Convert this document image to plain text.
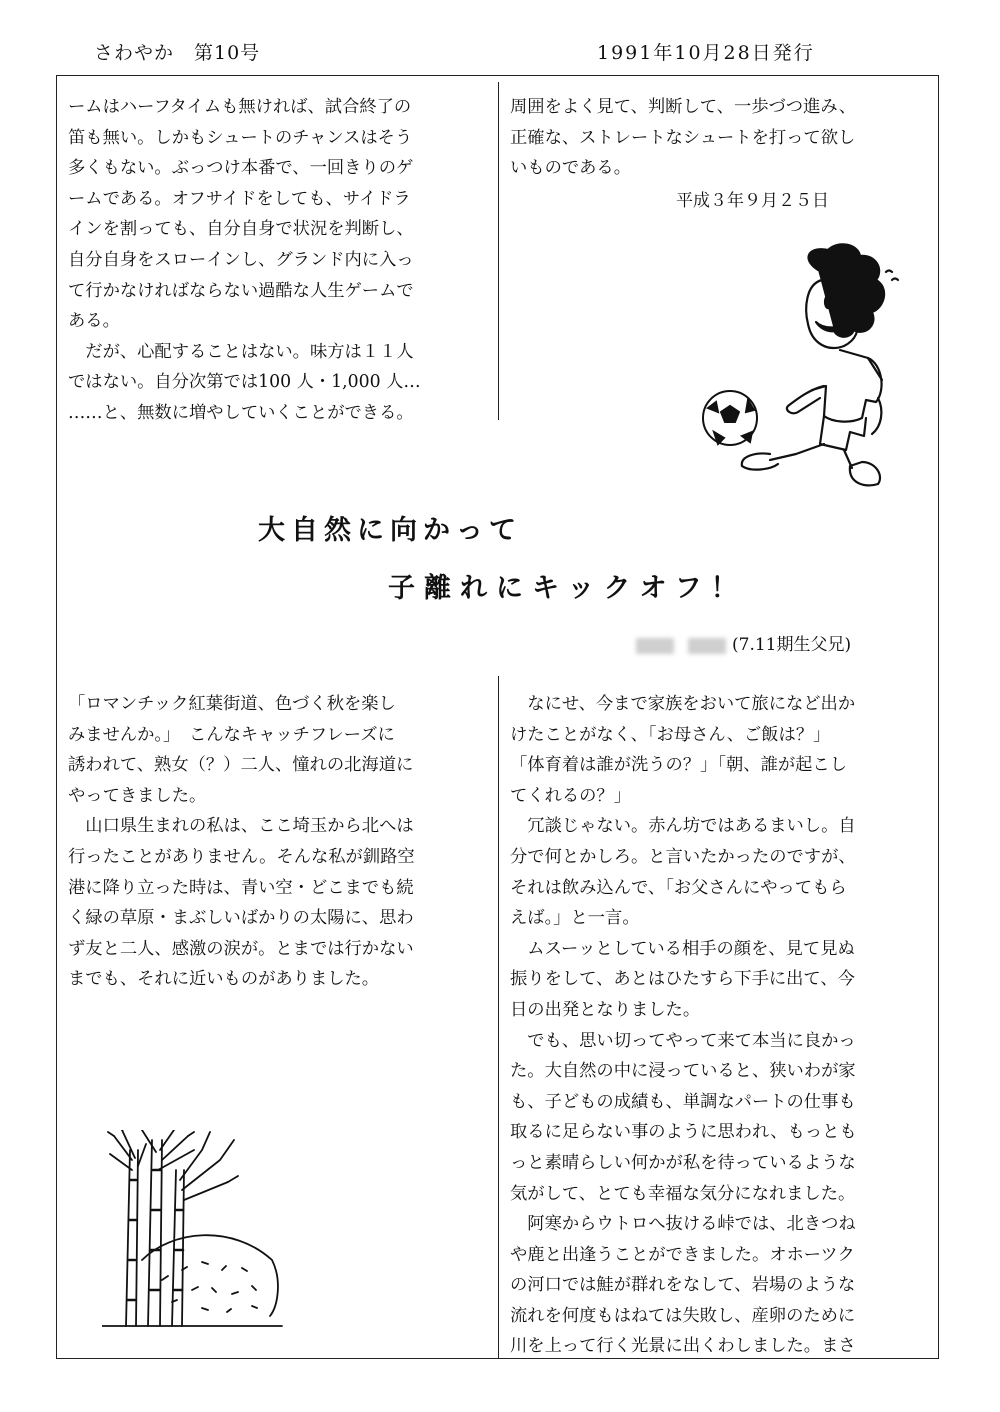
さわやか　第10号	1991年10月28日発行

ームはハーフタイムも無ければ、試合終了の

笛も無い。しかもシュートのチャンスはそう

多くもない。ぶっつけ本番で、一回きりのゲ

ームである。オフサイドをしても、サイドラ

インを割っても、自分自身で状況を判断し、

自分自身をスローインし、グランド内に入っ

て行かなければならない過酷な人生ゲームで

ある。

　だが、心配することはない。味方は１１人

ではない。自分次第では100 人・1,000 人…

……と、無数に増やしていくことができる。

周囲をよく見て、判断して、一歩づつ進み、

正確な、ストレートなシュートを打って欲し

いものである。

平成３年９月２５日
大自然に向かって
子離れにキックオフ！
(7.11期生父兄)

「ロマンチック紅葉街道、色づく秋を楽し

みませんか。」　こんなキャッチフレーズに

誘われて、熟女（？）二人、憧れの北海道に

やってきました。

　山口県生まれの私は、ここ埼玉から北へは

行ったことがありません。そんな私が釧路空

港に降り立った時は、青い空・どこまでも続

く緑の草原・まぶしいばかりの太陽に、思わ

ず友と二人、感激の涙が。とまでは行かない

までも、それに近いものがありました。

　なにせ、今まで家族をおいて旅になど出か

けたことがなく、「お母さん、ご飯は？」

「体育着は誰が洗うの？」「朝、誰が起こし

てくれるの？」

　冗談じゃない。赤ん坊ではあるまいし。自

分で何とかしろ。と言いたかったのですが、

それは飲み込んで、「お父さんにやってもら

えば。」と一言。

　ムスーッとしている相手の顔を、見て見ぬ

振りをして、あとはひたすら下手に出て、今

日の出発となりました。

　でも、思い切ってやって来て本当に良かっ

た。大自然の中に浸っていると、狭いわが家

も、子どもの成績も、単調なパートの仕事も

取るに足らない事のように思われ、もっとも

っと素晴らしい何かが私を待っているような

気がして、とても幸福な気分になれました。

　阿寒からウトロへ抜ける峠では、北きつね

や鹿と出逢うことができました。オホーツク

の河口では鮭が群れをなして、岩場のような

流れを何度もはねては失敗し、産卵のために

川を上って行く光景に出くわしました。まさ
